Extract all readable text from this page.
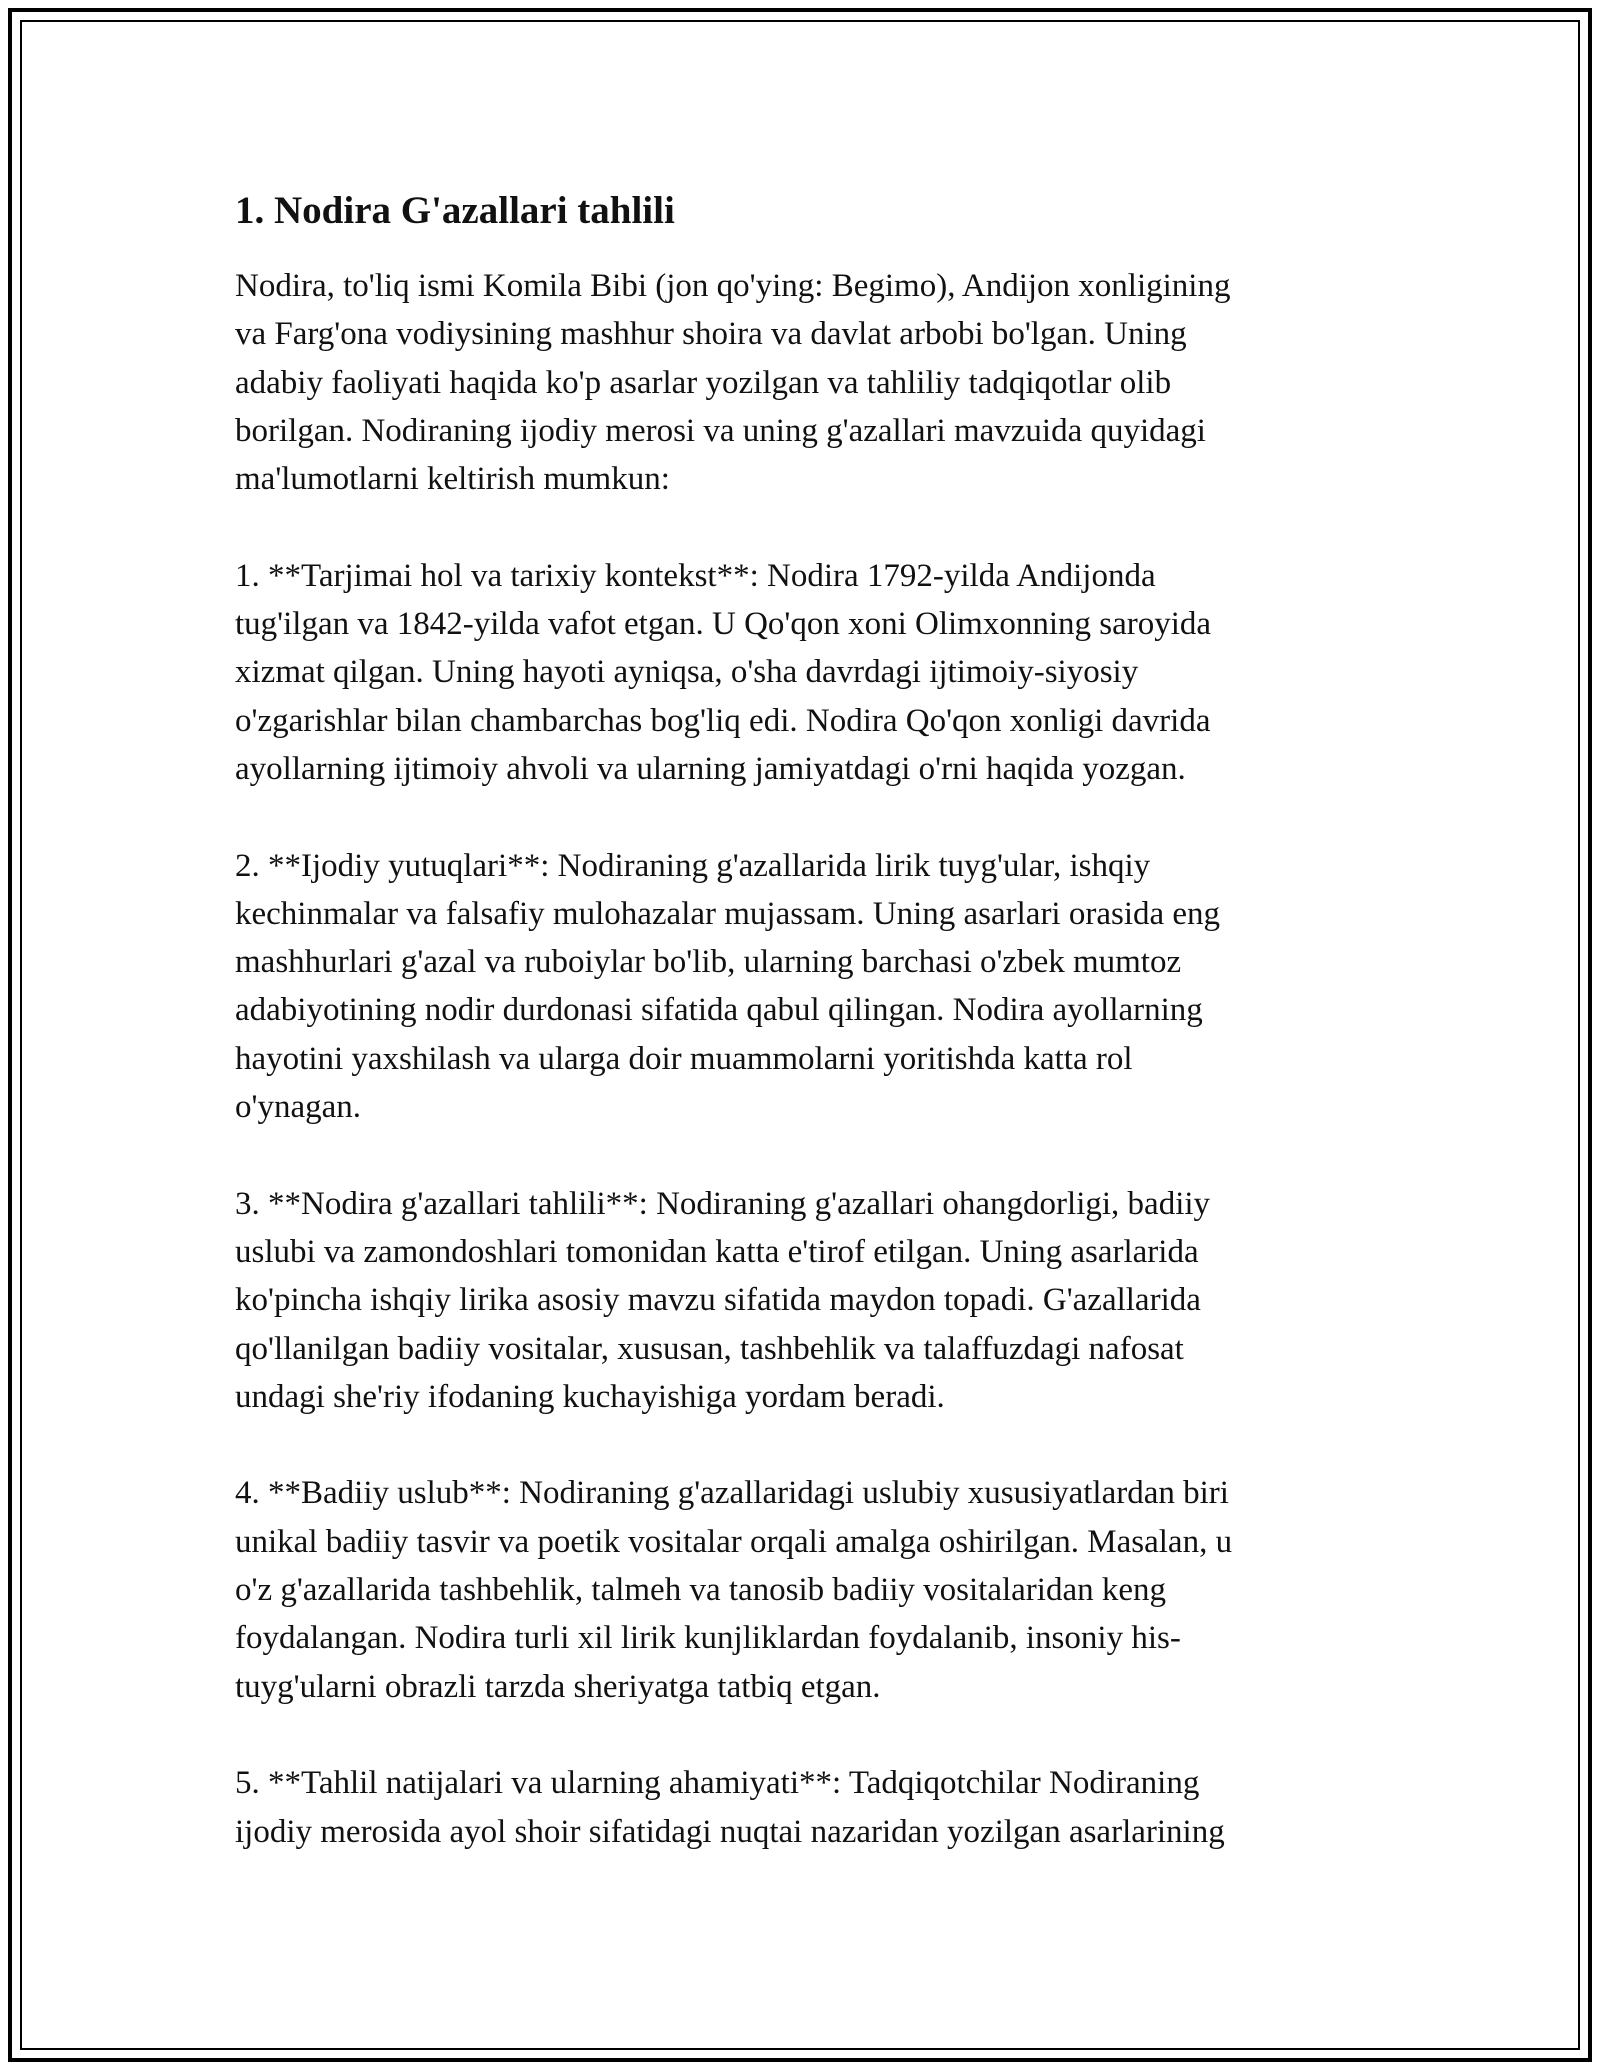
1. Nodira G'azallari tahlili
Nodira, to'liq ismi Komila Bibi (jon qo'ying: Begimo), Andijon xonligining
va Farg'ona vodiysining mashhur shoira va davlat arbobi bo'lgan. Uning
adabiy faoliyati haqida ko'p asarlar yozilgan va tahliliy tadqiqotlar olib
borilgan. Nodiraning ijodiy merosi va uning g'azallari mavzuida quyidagi
ma'lumotlarni keltirish mumkun:
1. **Tarjimai hol va tarixiy kontekst**: Nodira 1792-yilda Andijonda
tug'ilgan va 1842-yilda vafot etgan. U Qo'qon xoni Olimxonning saroyida
xizmat qilgan. Uning hayoti ayniqsa, o'sha davrdagi ijtimoiy-siyosiy
o'zgarishlar bilan chambarchas bog'liq edi. Nodira Qo'qon xonligi davrida
ayollarning ijtimoiy ahvoli va ularning jamiyatdagi o'rni haqida yozgan.
2. **Ijodiy yutuqlari**: Nodiraning g'azallarida lirik tuyg'ular, ishqiy
kechinmalar va falsafiy mulohazalar mujassam. Uning asarlari orasida eng
mashhurlari g'azal va ruboiylar bo'lib, ularning barchasi o'zbek mumtoz
adabiyotining nodir durdonasi sifatida qabul qilingan. Nodira ayollarning
hayotini yaxshilash va ularga doir muammolarni yoritishda katta rol
o'ynagan.
3. **Nodira g'azallari tahlili**: Nodiraning g'azallari ohangdorligi, badiiy
uslubi va zamondoshlari tomonidan katta e'tirof etilgan. Uning asarlarida
ko'pincha ishqiy lirika asosiy mavzu sifatida maydon topadi. G'azallarida
qo'llanilgan badiiy vositalar, xususan, tashbehlik va talaffuzdagi nafosat
undagi she'riy ifodaning kuchayishiga yordam beradi.
4. **Badiiy uslub**: Nodiraning g'azallaridagi uslubiy xususiyatlardan biri
unikal badiiy tasvir va poetik vositalar orqali amalga oshirilgan. Masalan, u
o'z g'azallarida tashbehlik, talmeh va tanosib badiiy vositalaridan keng
foydalangan. Nodira turli xil lirik kunjliklardan foydalanib, insoniy his-
tuyg'ularni obrazli tarzda sheriyatga tatbiq etgan.
5. **Tahlil natijalari va ularning ahamiyati**: Tadqiqotchilar Nodiraning
ijodiy merosida ayol shoir sifatidagi nuqtai nazaridan yozilgan asarlarining
